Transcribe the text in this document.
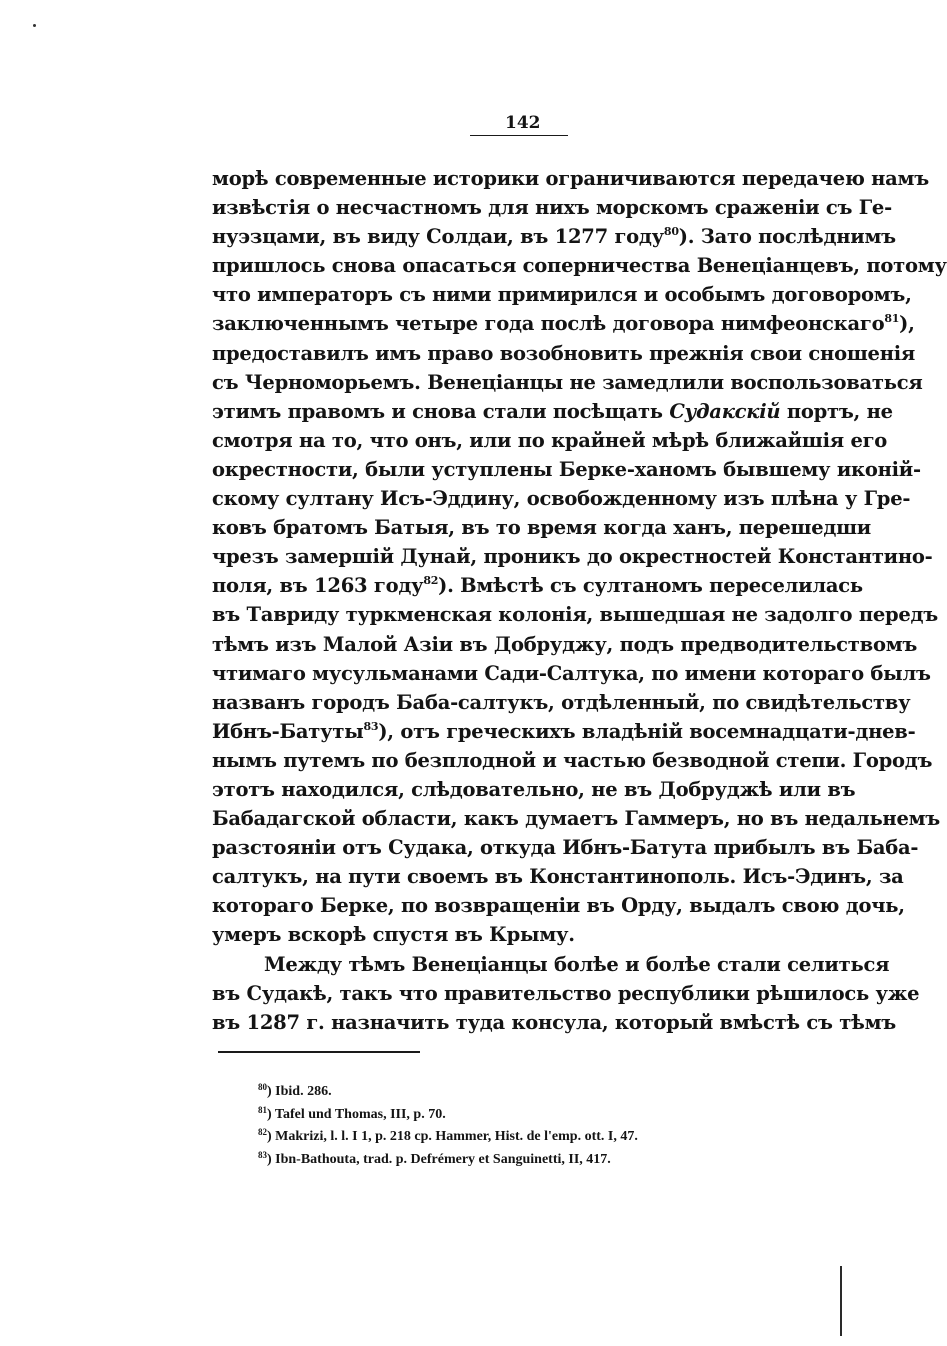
142
морѣ современные историки ограничиваются передачею намъ
извѣстія о несчастномъ для нихъ морскомъ сраженіи съ Ге-
нуэзцами, въ виду Солдаи, въ 1277 году$^{80}$). Зато послѣднимъ
пришлось снова опасаться соперничества Венеціанцевъ, потому
что императоръ съ ними примирился и особымъ договоромъ,
заключеннымъ четыре года послѣ договора нимфеонскаго$^{81}$),
предоставилъ имъ право возобновить прежнія свои сношенія
съ Черноморьемъ. Венеціанцы не замедлили воспользоваться
этимъ правомъ и снова стали посѣщать Судакскій портъ, не
смотря на то, что онъ, или по крайней мѣрѣ ближайшія его
окрестности, были уступлены Берке-ханомъ бывшему иконій-
скому султану Исъ-Эддину, освобожденному изъ плѣна у Гре-
ковъ братомъ Батыя, въ то время когда ханъ, перешедши
чрезъ замершій Дунай, проникъ до окрестностей Константино-
поля, въ 1263 году$^{82}$). Вмѣстѣ съ султаномъ переселилась
въ Тавриду туркменская колонія, вышедшая не задолго передъ
тѣмъ изъ Малой Азіи въ Добруджу, подъ предводительствомъ
чтимаго мусульманами Сади-Салтука, по имени котораго былъ
названъ городъ Баба-салтукъ, отдѣленный, по свидѣтельству
Ибнъ-Батуты$^{83}$), отъ греческихъ владѣній восемнадцати-днев-
нымъ путемъ по безплодной и частью безводной степи. Городъ
этотъ находился, слѣдовательно, не въ Добруджѣ или въ
Бабадагской области, какъ думаетъ Гаммеръ, но въ недальнемъ
разстояніи отъ Судака, откуда Ибнъ-Батута прибылъ въ Баба-
салтукъ, на пути своемъ въ Константинополь. Исъ-Эдинъ, за
котораго Берке, по возвращеніи въ Орду, выдалъ свою дочь,
умеръ вскорѣ спустя въ Крыму.
Между тѣмъ Венеціанцы болѣе и болѣе стали селиться
въ Судакѣ, такъ что правительство республики рѣшилось уже
въ 1287 г. назначить туда консула, который вмѣстѣ съ тѣмъ
$^{80}$) Ibid. 286.
$^{81}$) Tafel und Thomas, III, p. 70.
$^{82}$) Makrizi, l. l. I 1, p. 218 cp. Hammer, Hist. de l'emp. ott. I, 47.
$^{83}$) Ibn-Bathouta, trad. p. Defrémery et Sanguinetti, II, 417.
